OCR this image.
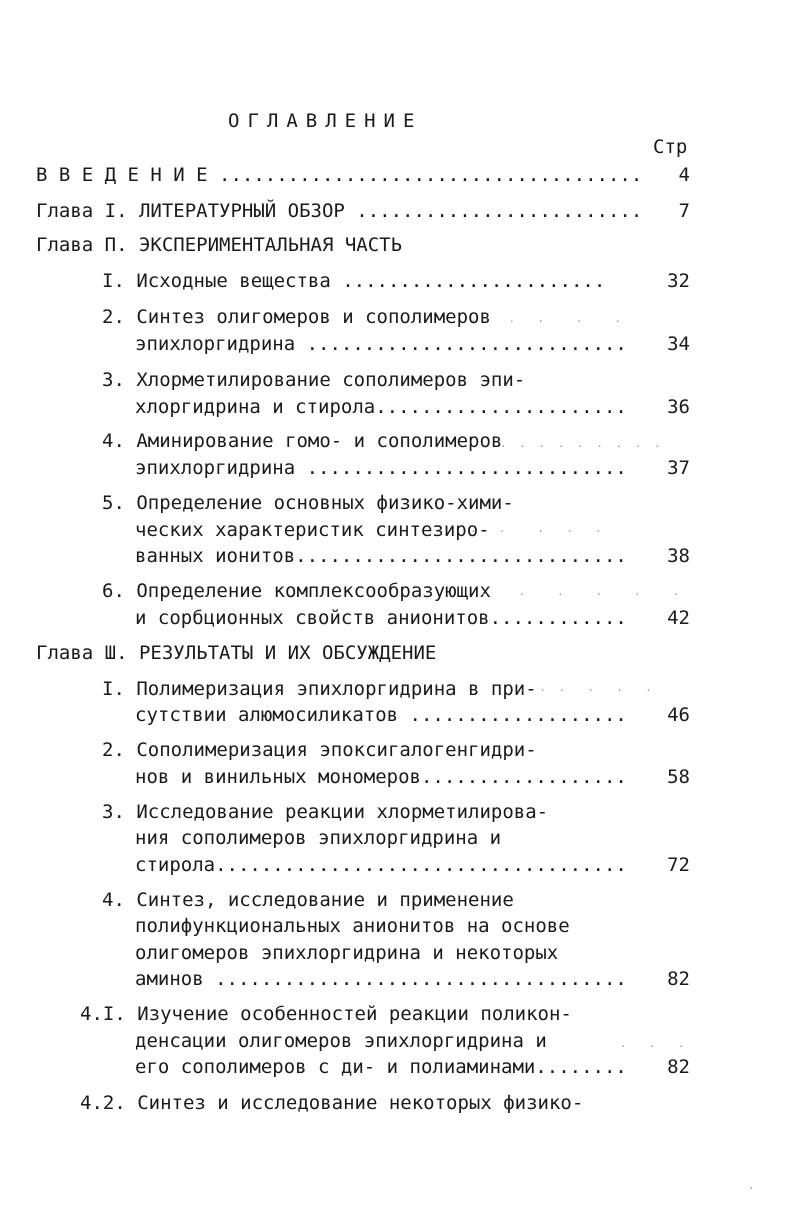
ОГЛАВЛЕНИЕ
Стр
В В Е Д Е Н И Е .....................................	4
Глава I. ЛИТЕРАТУРНЫЙ ОБЗОР .........................	7
Глава П. ЭКСПЕРИМЕНТАЛЬНАЯ ЧАСТЬ
I. Исходные вещества .......................	32
2. Синтез олигомеров и сополимеров
эпихлоргидрина ............................	34
3. Хлорметилирование сополимеров эпи-
хлоргидрина и стирола......................	36
4. Аминирование гомо- и сополимеров
эпихлоргидрина ............................	37
5. Определение основных физико-хими-
ческих характеристик синтезиро-
ванных ионитов.............................	38
6. Определение комплексообразующих
и сорбционных свойств анионитов............	42
Глава Ш. РЕЗУЛЬТАТЫ И ИХ ОБСУЖДЕНИЕ
I. Полимеризация эпихлоргидрина в при-
сутствии алюмосиликатов ...................	46
2. Сополимеризация эпоксигалогенгидри-
нов и винильных мономеров..................	58
3. Исследование реакции хлорметилирова-
ния сополимеров эпихлоргидрина и
стирола....................................	72
4. Синтез, исследование и применение
полифункциональных анионитов на основе
олигомеров эпихлоргидрина и некоторых
аминов ....................................	82
4.I. Изучение особенностей реакции поликон-
денсации олигомеров эпихлоргидрина и
его сополимеров с ди- и полиаминами........	82
4.2. Синтез и исследование некоторых физико-
·   ·  ·   ·   ·
· · · · · · · · ·
·  ·   ·  ·  ·
·   ·   ·   ·   ·   ·
· · ·  ·  ·  ·
·  ·  ·
·
